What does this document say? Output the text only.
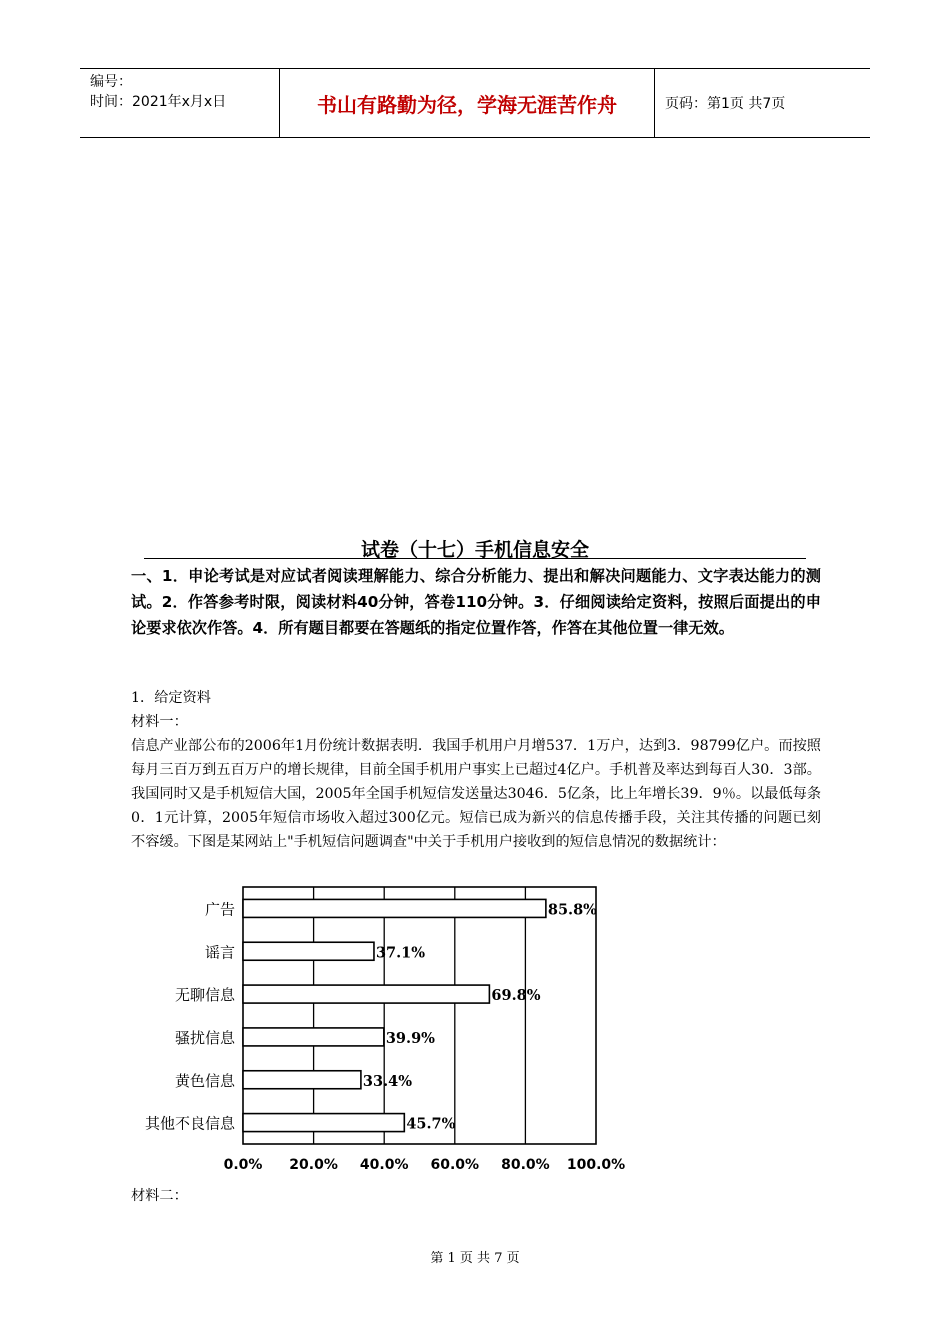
编号：
时间：2021年x月x日	书山有路勤为径，学海无涯苦作舟	页码：第1页 共7页
试卷（十七）手机信息安全
一、1．申论考试是对应试者阅读理解能力、综合分析能力、提出和解决问题能力、文字表达能力的测试。2．作答参考时限，阅读材料40分钟，答卷110分钟。3．仔细阅读给定资料，按照后面提出的申论要求依次作答。4．所有题目都要在答题纸的指定位置作答，作答在其他位置一律无效。
1．给定资料
材料一：
信息产业部公布的2006年1月份统计数据表明．我国手机用户月增537．1万户，达到3．98799亿户。而按照每月三百万到五百万户的增长规律，目前全国手机用户事实上已超过4亿户。手机普及率达到每百人30．3部。我国同时又是手机短信大国，2005年全国手机短信发送量达3046．5亿条，比上年增长39．9％。以最低每条0．1元计算，2005年短信市场收入超过300亿元。短信已成为新兴的信息传播手段，关注其传播的问题已刻不容缓。下图是某网站上"手机短信问题调查"中关于手机用户接收到的短信息情况的数据统计：
0.0% 20.0% 40.0% 60.0% 80.0% 100.0%
广告	85.8%
谣言	37.1%
无聊信息	69.8%
骚扰信息	39.9%
黄色信息	33.4%
其他不良信息	45.7%
材料二：
第 1 页 共 7 页
